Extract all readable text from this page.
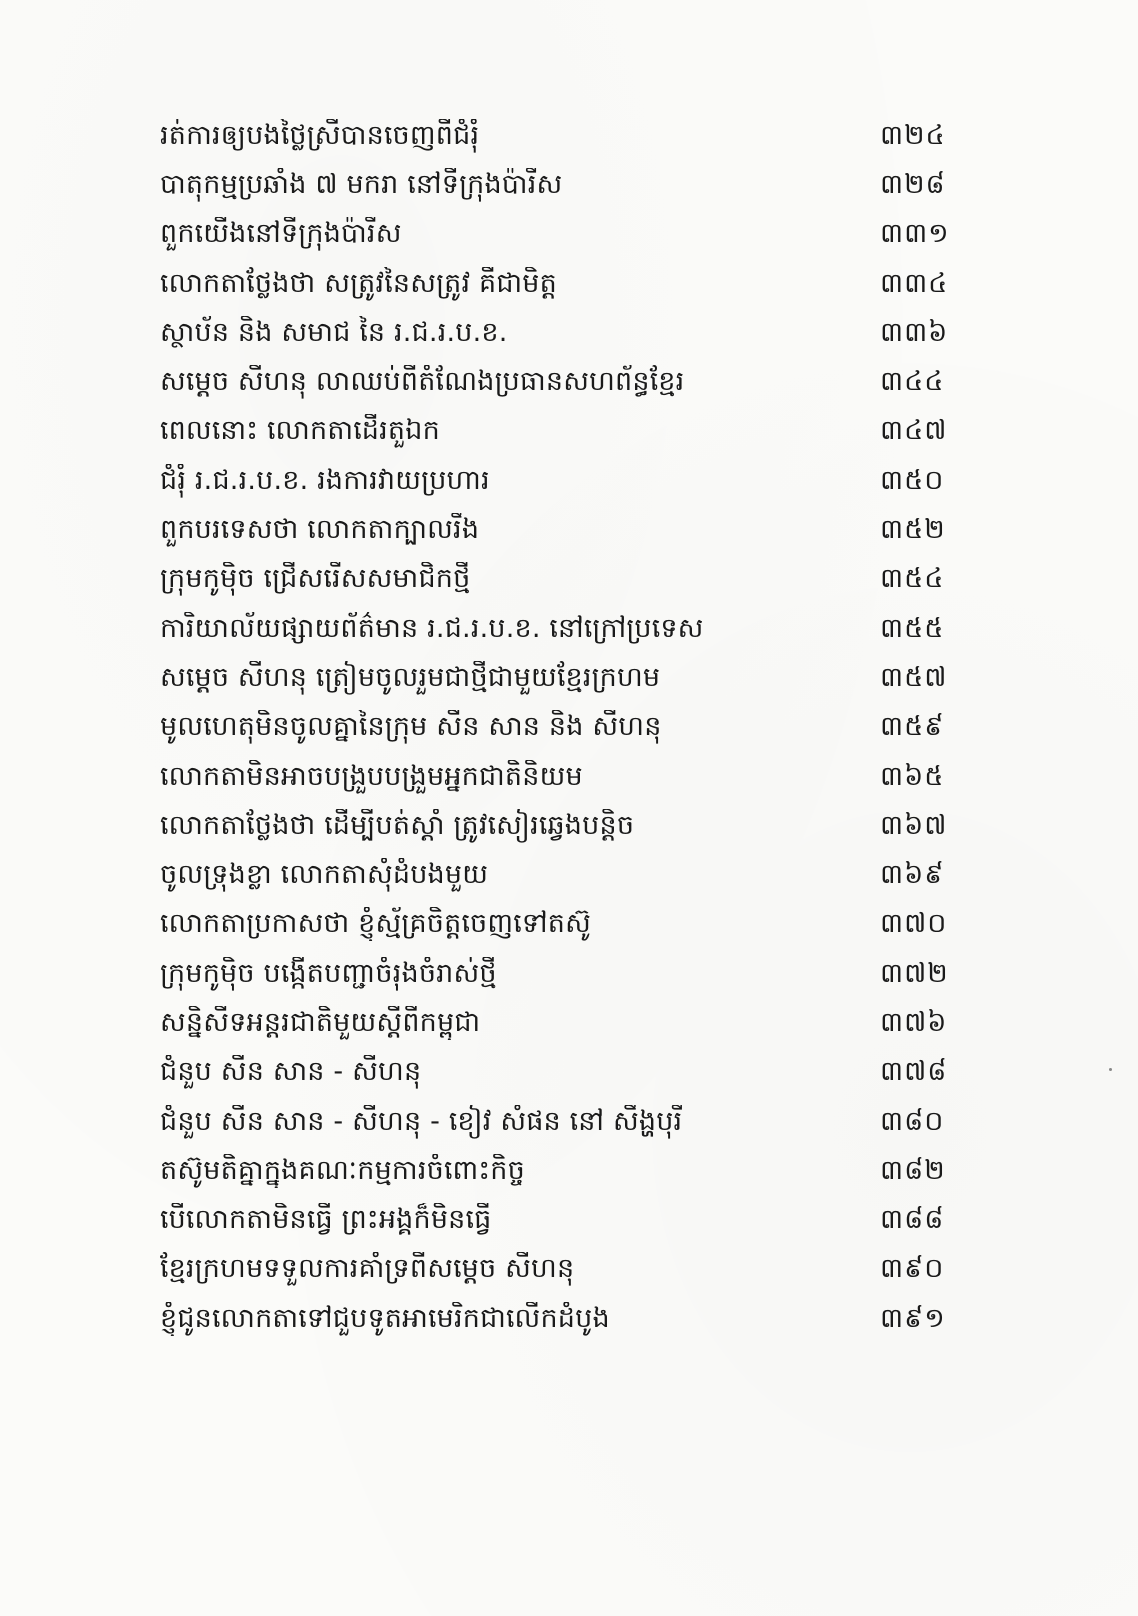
រត់ការឲ្យបងថ្លៃស្រីបានចេញពីជំរុំ	៣២៤
បាតុកម្មប្រឆាំង ៧ មករា នៅទីក្រុងប៉ារីស	៣២៨
ពួកយើងនៅទីក្រុងប៉ារីស	៣៣១
លោកតាថ្លែងថា សត្រូវនៃសត្រូវ គឺជាមិត្ត	៣៣៤
ស្ថាប័ន និង សមាជ នៃ រ.ជ.រ.ប.ខ.	៣៣៦
សម្ដេច សីហនុ លាឈប់ពីតំណែងប្រធានសហព័ន្ធខ្មែរ	៣៤៤
ពេលនោះ លោកតាដើរតួឯក	៣៤៧
ជំរុំ រ.ជ.រ.ប.ខ. រងការវាយប្រហារ	៣៥០
ពួកបរទេសថា លោកតាក្បាលរឹង	៣៥២
ក្រុមកូម៉ិច ជ្រើសរើសសមាជិកថ្មី	៣៥៤
ការិយាល័យផ្សាយព័ត៌មាន រ.ជ.រ.ប.ខ. នៅក្រៅប្រទេស	៣៥៥
សម្ដេច សីហនុ ត្រៀមចូលរួមជាថ្មីជាមួយខ្មែរក្រហម	៣៥៧
មូលហេតុមិនចូលគ្នានៃក្រុម សឺន សាន និង សីហនុ	៣៥៩
លោកតាមិនអាចបង្រួបបង្រួមអ្នកជាតិនិយម	៣៦៥
លោកតាថ្លែងថា ដើម្បីបត់ស្ដាំ ត្រូវសៀរឆ្វេងបន្តិច	៣៦៧
ចូលទ្រុងខ្លា លោកតាសុំដំបងមួយ	៣៦៩
លោកតាប្រកាសថា ខ្ញុំស្ម័គ្រចិត្តចេញទៅតស៊ូ	៣៧០
ក្រុមកូម៉ិច បង្កើតបញ្ជាចំរុងចំរាស់ថ្មី	៣៧២
សន្និសីទអន្តរជាតិមួយស្ដីពីកម្ពុជា	៣៧៦
ជំនួប សឺន សាន - សីហនុ	៣៧៨
ជំនួប សឺន សាន - សីហនុ - ខៀវ សំផន នៅ សឹង្ហបុរី	៣៨០
តស៊ូមតិគ្នាក្នុងគណៈកម្មការចំពោះកិច្ច	៣៨២
បើលោកតាមិនធ្វើ ព្រះអង្គក៏មិនធ្វើ	៣៨៨
ខ្មែរក្រហមទទួលការគាំទ្រពីសម្ដេច សីហនុ	៣៩០
ខ្ញុំជូនលោកតាទៅជួបទូតអាមេរិកជាលើកដំបូង	៣៩១
